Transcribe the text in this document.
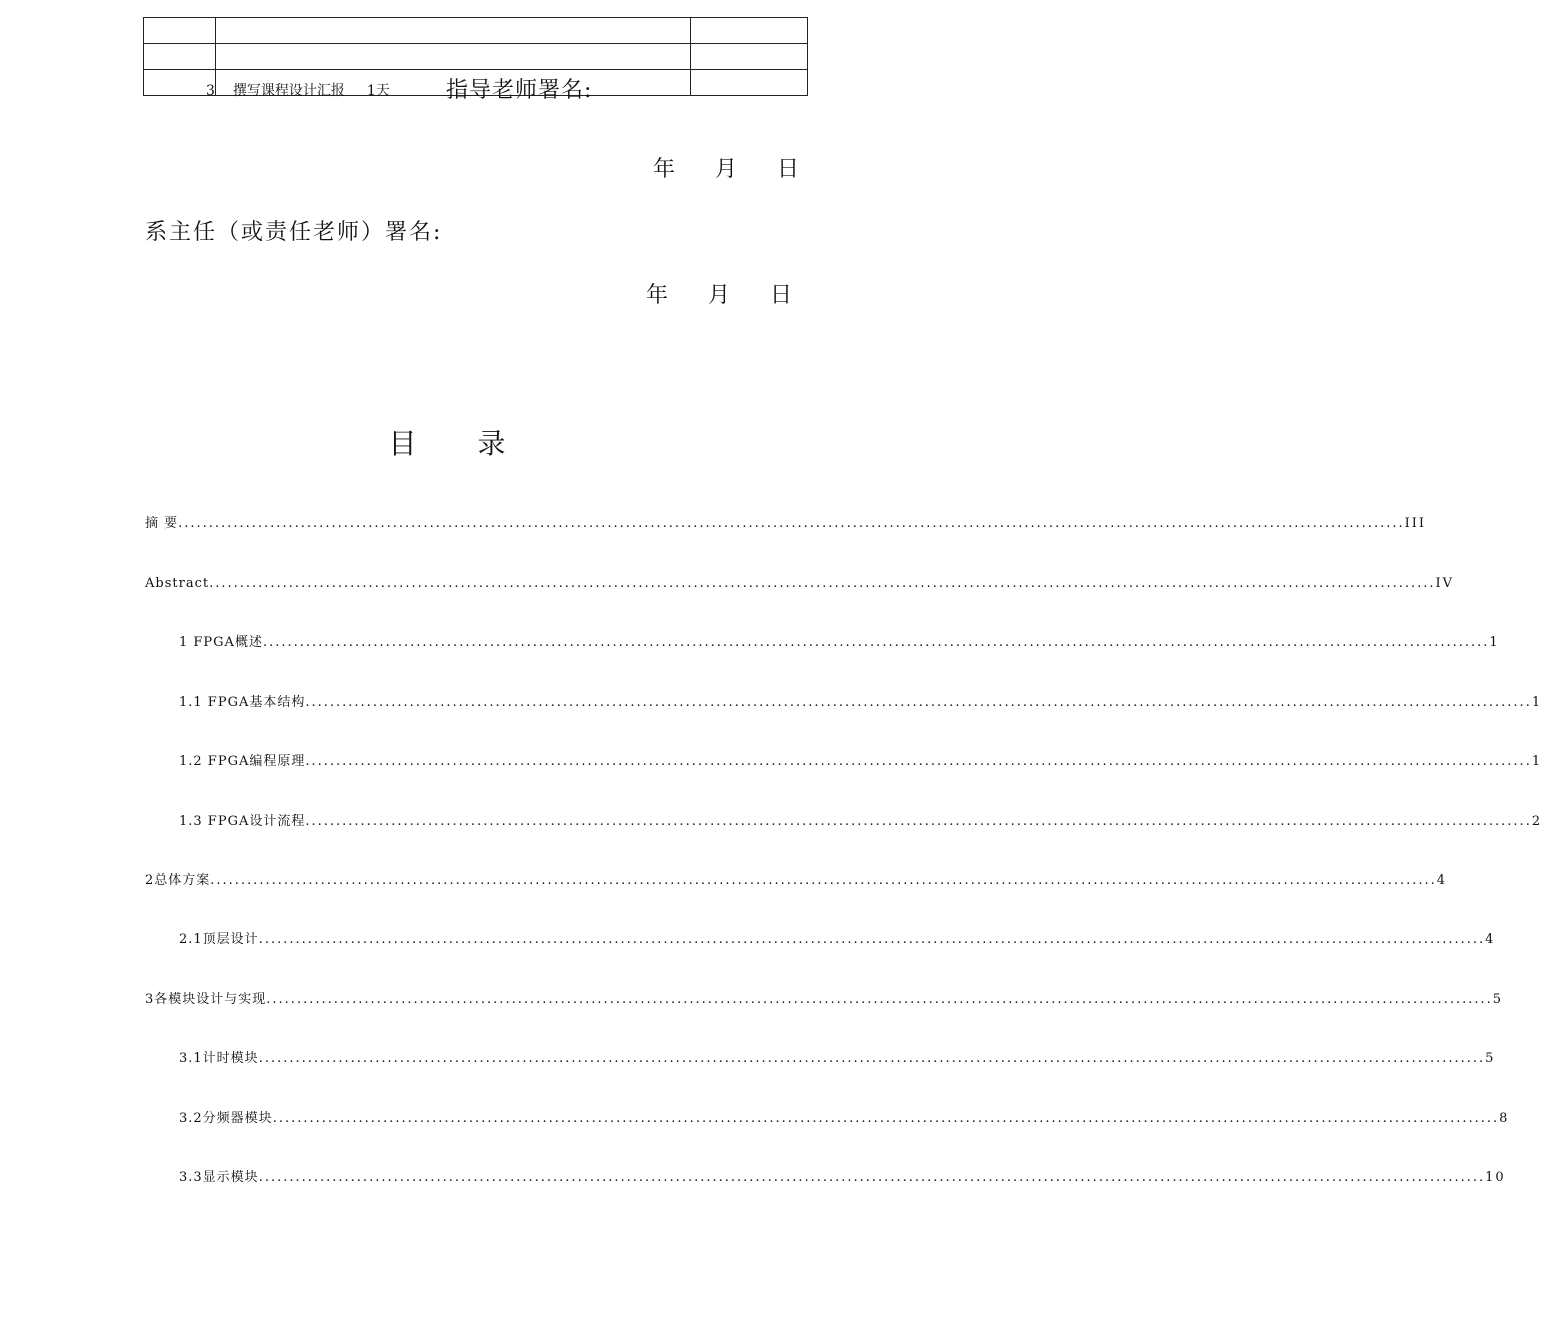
3 撰写课程设计汇报 1天	指导老师署名:
年 月 日
系主任（或责任老师）署名:
年 月 日
目 录
摘 要 ........................................................................................................................................................................................................ III
Abstract ........................................................................................................................................................................................................ IV
1 FPGA概述 ........................................................................................................................................................................................................ 1
1.1 FPGA基本结构 ........................................................................................................................................................................................................ 1
1.2 FPGA编程原理 ........................................................................................................................................................................................................ 1
1.3 FPGA设计流程 ........................................................................................................................................................................................................ 2
2总体方案 ........................................................................................................................................................................................................ 4
2.1顶层设计 ........................................................................................................................................................................................................ 4
3各模块设计与实现 ........................................................................................................................................................................................................ 5
3.1计时模块 ........................................................................................................................................................................................................ 5
3.2分频器模块 ........................................................................................................................................................................................................ 8
3.3显示模块 ........................................................................................................................................................................................................ 10
